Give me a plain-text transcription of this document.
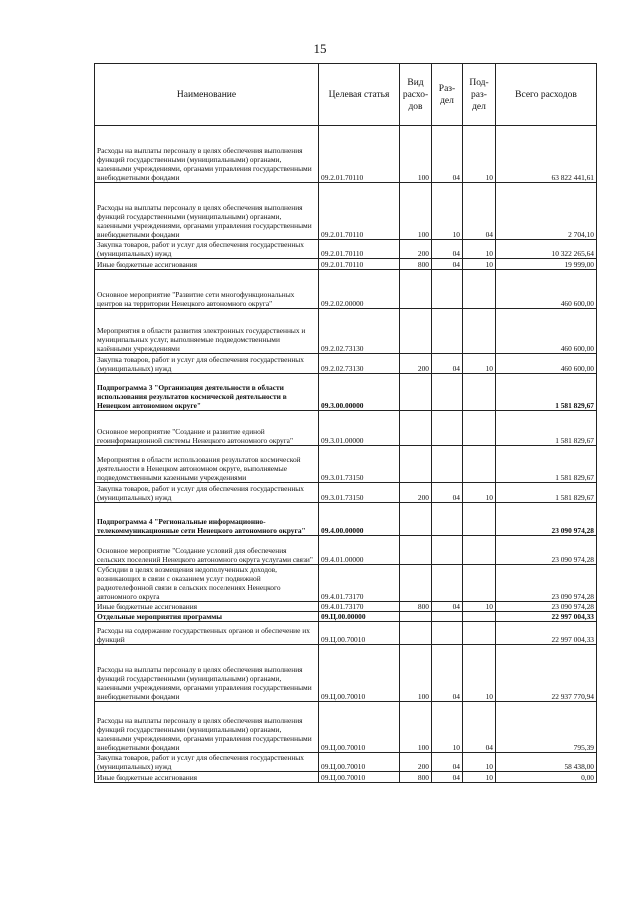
15
Наименование	Целевая статья	Вид расхо-дов	Раз-дел	Под-раз-дел	Всего расходов
Расходы на выплаты персоналу в целях обеспечения выполнения функций государственными (муниципальными) органами, казенными учреждениями, органами управления государственными внебюджетными фондами	09.2.01.70110	100	04	10	63 822 441,61
Расходы на выплаты персоналу в целях обеспечения выполнения функций государственными (муниципальными) органами, казенными учреждениями, органами управления государственными внебюджетными фондами	09.2.01.70110	100	10	04	2 704,10
Закупка товаров, работ и услуг для обеспечения государственных (муниципальных) нужд	09.2.01.70110	200	04	10	10 322 265,64
Иные бюджетные ассигнования	09.2.01.70110	800	04	10	19 999,00
Основное мероприятие "Развитие сети многофункциональных центров на территории Ненецкого автономного округа"	09.2.02.00000				460 600,00
Мероприятия в области развития электронных государственных и муниципальных услуг, выполняемые подведомственными казёнными учреждениями	09.2.02.73130				460 600,00
Закупка товаров, работ и услуг для обеспечения государственных (муниципальных) нужд	09.2.02.73130	200	04	10	460 600,00
Подпрограмма 3 "Организация деятельности в области использования результатов космической деятельности в Ненецком автономном округе"	09.3.00.00000				1 581 829,67
Основное мероприятие "Создание и развитие единой геоинформационной системы Ненецкого автономного округа"	09.3.01.00000				1 581 829,67
Мероприятия в области использования результатов космической деятельности в Ненецком автономном округе, выполняемые подведомственными казенными учреждениями	09.3.01.73150				1 581 829,67
Закупка товаров, работ и услуг для обеспечения государственных (муниципальных) нужд	09.3.01.73150	200	04	10	1 581 829,67
Подпрограмма 4 "Региональные информационно-телекоммуникационные сети Ненецкого автономного округа"	09.4.00.00000				23 090 974,28
Основное мероприятие "Создание условий для обеспечения сельских поселений Ненецкого автономного округа услугами связи"	09.4.01.00000				23 090 974,28
Субсидии в целях возмещения недополученных доходов, возникающих в связи с оказанием услуг подвижной радиотелефонной связи в сельских поселениях Ненецкого автономного округа	09.4.01.73170				23 090 974,28
Иные бюджетные ассигнования	09.4.01.73170	800	04	10	23 090 974,28
Отдельные мероприятия программы	09.Ц.00.00000				22 997 004,33
Расходы на содержание государственных органов и обеспечение их функций	09.Ц.00.70010				22 997 004,33
Расходы на выплаты персоналу в целях обеспечения выполнения функций государственными (муниципальными) органами, казенными учреждениями, органами управления государственными внебюджетными фондами	09.Ц.00.70010	100	04	10	22 937 770,94
Расходы на выплаты персоналу в целях обеспечения выполнения функций государственными (муниципальными) органами, казенными учреждениями, органами управления государственными внебюджетными фондами	09.Ц.00.70010	100	10	04	795,39
Закупка товаров, работ и услуг для обеспечения государственных (муниципальных) нужд	09.Ц.00.70010	200	04	10	58 438,00
Иные бюджетные ассигнования	09.Ц.00.70010	800	04	10	0,00
